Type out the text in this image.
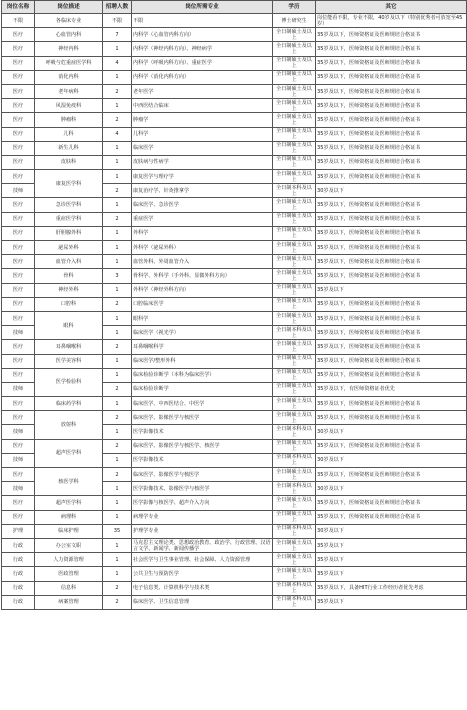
岗位名称	岗位描述	招聘人数	岗位所需专业	学历	其它
不限	各临床专业	不限	不限	博士研究生	岗位能看不限，专业不限，40岁及以下（特别优秀者可放宽至45岁）
医疗	心血管内科	7	内科学（心血管内科方向）	全日制硕士及以上	35岁及以下，医师资格证及医师规培合格证书
医疗	神经内科	1	内科学（神经内科方向）、神经病学	全日制硕士及以上	35岁及以下，医师资格证及医师规培合格证书
医疗	呼吸与危重症医学科	4	内科学（呼吸内科方向）、重症医学	全日制硕士及以上	35岁及以下，医师资格证及医师规培合格证书
医疗	消化内科	1	内科学（消化内科方向）	全日制硕士及以上	35岁及以下，医师资格证及医师规培合格证书
医疗	老年病科	2	老年医学	全日制硕士及以上	35岁及以下，医师资格证及医师规培合格证书
医疗	风湿免疫科	1	中西医结合临床	全日制硕士及以上	35岁及以下，医师资格证及医师规培合格证书
医疗	肿瘤科	2	肿瘤学	全日制硕士及以上	35岁及以下，医师资格证及医师规培合格证书
医疗	儿科	4	儿科学	全日制硕士及以上	35岁及以下，医师资格证及医师规培合格证书
医疗	新生儿科	1	临床医学	全日制硕士及以上	35岁及以下，医师资格证及医师规培合格证书
医疗	皮肤科	1	皮肤病与性病学	全日制硕士及以上	35岁及以下，医师资格证及医师规培合格证书
医疗	康复医学科	1	康复医学与理疗学	全日制硕士及以上	35岁及以下，医师资格证及医师规培合格证书
技师		2	康复治疗学、针灸推拿学	全日制本科及以上	30岁及以下
医疗	急诊医学科	1	临床医学、急诊医学	全日制硕士及以上	35岁及以下，医师资格证及医师规培合格证书
医疗	重症医学科	2	重症医学	全日制硕士及以上	35岁及以下，医师资格证及医师规培合格证书
医疗	肝胆腺外科	1	外科学	全日制硕士及以上	35岁及以下，医师资格证及医师规培合格证书
医疗	泌尿外科	1	外科学（泌尿外科）	全日制硕士及以上	35岁及以下，医师资格证及医师规培合格证书
医疗	血管介入科	1	血管外科、外周血管介入	全日制硕士及以上	35岁及以下，医师资格证及医师规培合格证书
医疗	骨科	3	骨科学、外科学（手外科、显微外科方向）	全日制硕士及以上	35岁及以下，医师资格证及医师规培合格证书
医疗	神经外科	1	外科学（神经外科方向）	全日制硕士及以上	35岁及以下
医疗	口腔科	2	口腔临床医学	全日制硕士及以上	35岁及以下，医师资格证及医师规培合格证书
医疗	眼科	1	眼科学	全日制硕士及以上	35岁及以下，医师资格证及医师规培合格证书
技师		1	临床医学（视光学）	全日制本科及以上	35岁及以下，医师资格证及医师规培合格证书
医疗	耳鼻咽喉科	2	耳鼻咽喉科学	全日制硕士及以上	35岁及以下，医师资格证及医师规培合格证书
医疗	医学美容科	1	临床医学/整形外科	全日制硕士及以上	35岁及以下，医师资格证及医师规培合格证书
医疗	医学检验科	1	临床检验诊断学（本科为临床医学）	全日制硕士及以上	35岁及以下，医师资格证及医师规培合格证书
技师		2	临床检验诊断学	全日制硕士及以上	35岁及以下，有医师资格证者优先
医疗	临床药学科	1	临床医学、中西医结合、中医学	全日制硕士及以上	35岁及以下，医师资格证及医师规培合格证书
医疗	放射科	2	临床医学、影像医学与核医学	全日制硕士及以上	35岁及以下，医师资格证及医师规培合格证书
技师		1	医学影像技术	全日制本科及以上	30岁及以下
医疗	超声医学科	2	临床医学、影像医学与核医学、核医学	全日制硕士及以上	35岁及以下，医师资格证及医师规培合格证书
技师		1	医学影像技术	全日制本科及以上	30岁及以下
医疗	核医学科	2	临床医学、影像医学与核医学	全日制硕士及以上	35岁及以下，医师资格证及医师规培合格证书
技师		1	医学影像技术、影像医学与核医学	全日制本科及以上	30岁及以下
医疗	超声医学科	1	医学影像与核医学、超声介入方向	全日制硕士及以上	35岁及以下，医师资格证及医师规培合格证书
医疗	病理科	1	病理学专业	全日制硕士及以上	35岁及以下，医师资格证及医师规培合格证书
护理	临床护理	35	护理学专业	全日制本科及以上	30岁及以下
行政	办公室文职	1	马克思主义理论类、思想政治教育、政治学、行政管理、汉语言文学、新闻学、新闻传播学	全日制硕士及以上	35岁及以下
行政	人力资源管理	1	社会医学与卫生事业管理、社会保障、人力资源管理	全日制硕士及以上	35岁及以下
行政	医政管理	1	公共卫生与预防医学	全日制硕士及以上	35岁及以下
行政	信息科	2	电子信息类、计算机科学与技术类	全日制本科及以上	35岁及以下，具备HIT行业工作经历者优先考虑
行政	病案管理	2	临床医学、卫生信息管理	全日制本科及以上	35岁及以下
